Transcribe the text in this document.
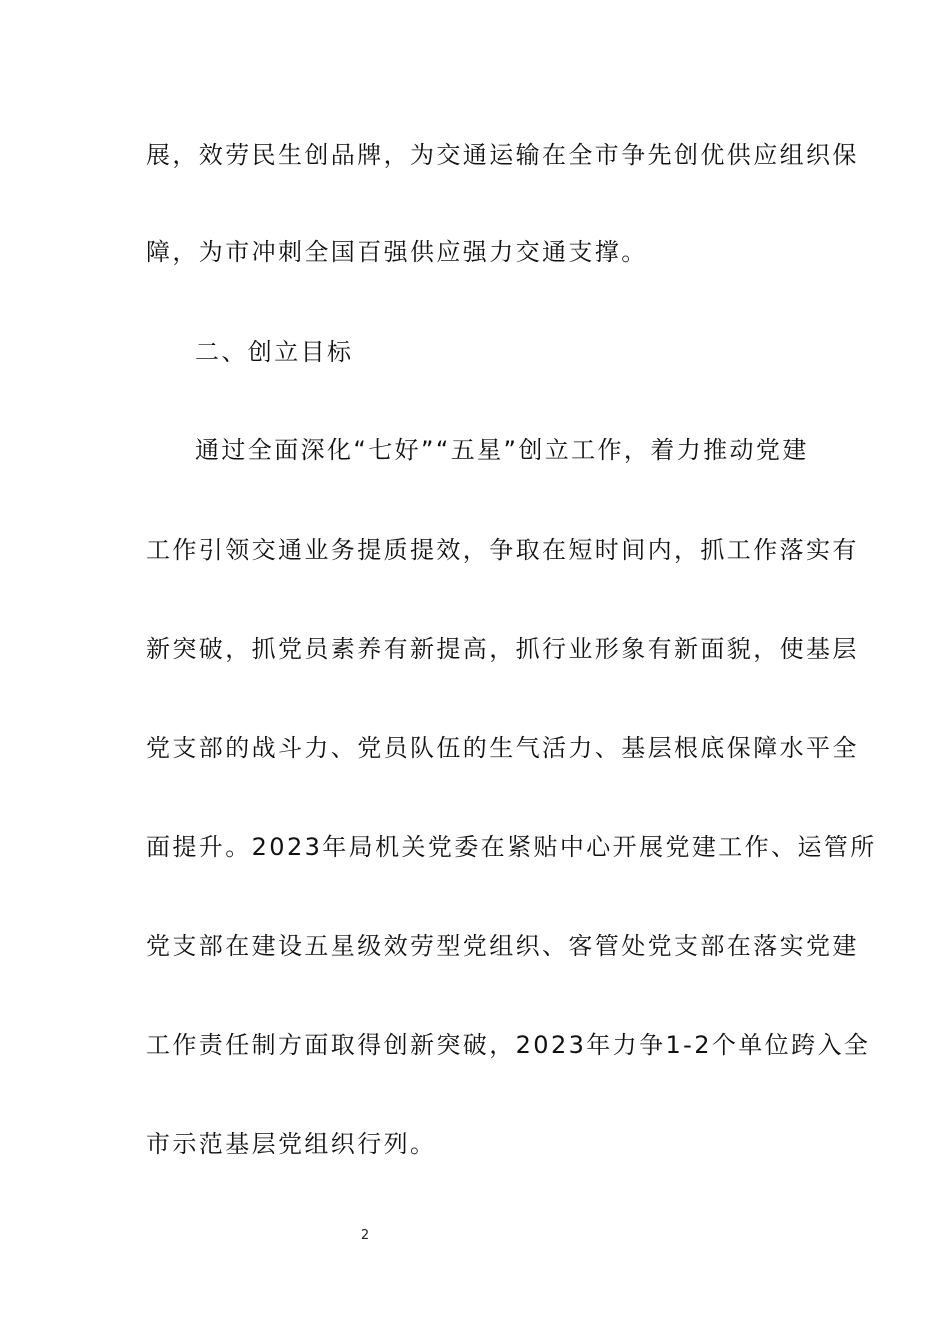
展，效劳民生创品牌，为交通运输在全市争先创优供应组织保
障，为市冲刺全国百强供应强力交通支撑。
二、创立目标
通过全面深化“七好”“五星”创立工作，着力推动党建
工作引领交通业务提质提效，争取在短时间内，抓工作落实有
新突破，抓党员素养有新提高，抓行业形象有新面貌，使基层
党支部的战斗力、党员队伍的生气活力、基层根底保障水平全
面提升。2023年局机关党委在紧贴中心开展党建工作、运管所
党支部在建设五星级效劳型党组织、客管处党支部在落实党建
工作责任制方面取得创新突破，2023年力争1-2个单位跨入全
市示范基层党组织行列。
2
